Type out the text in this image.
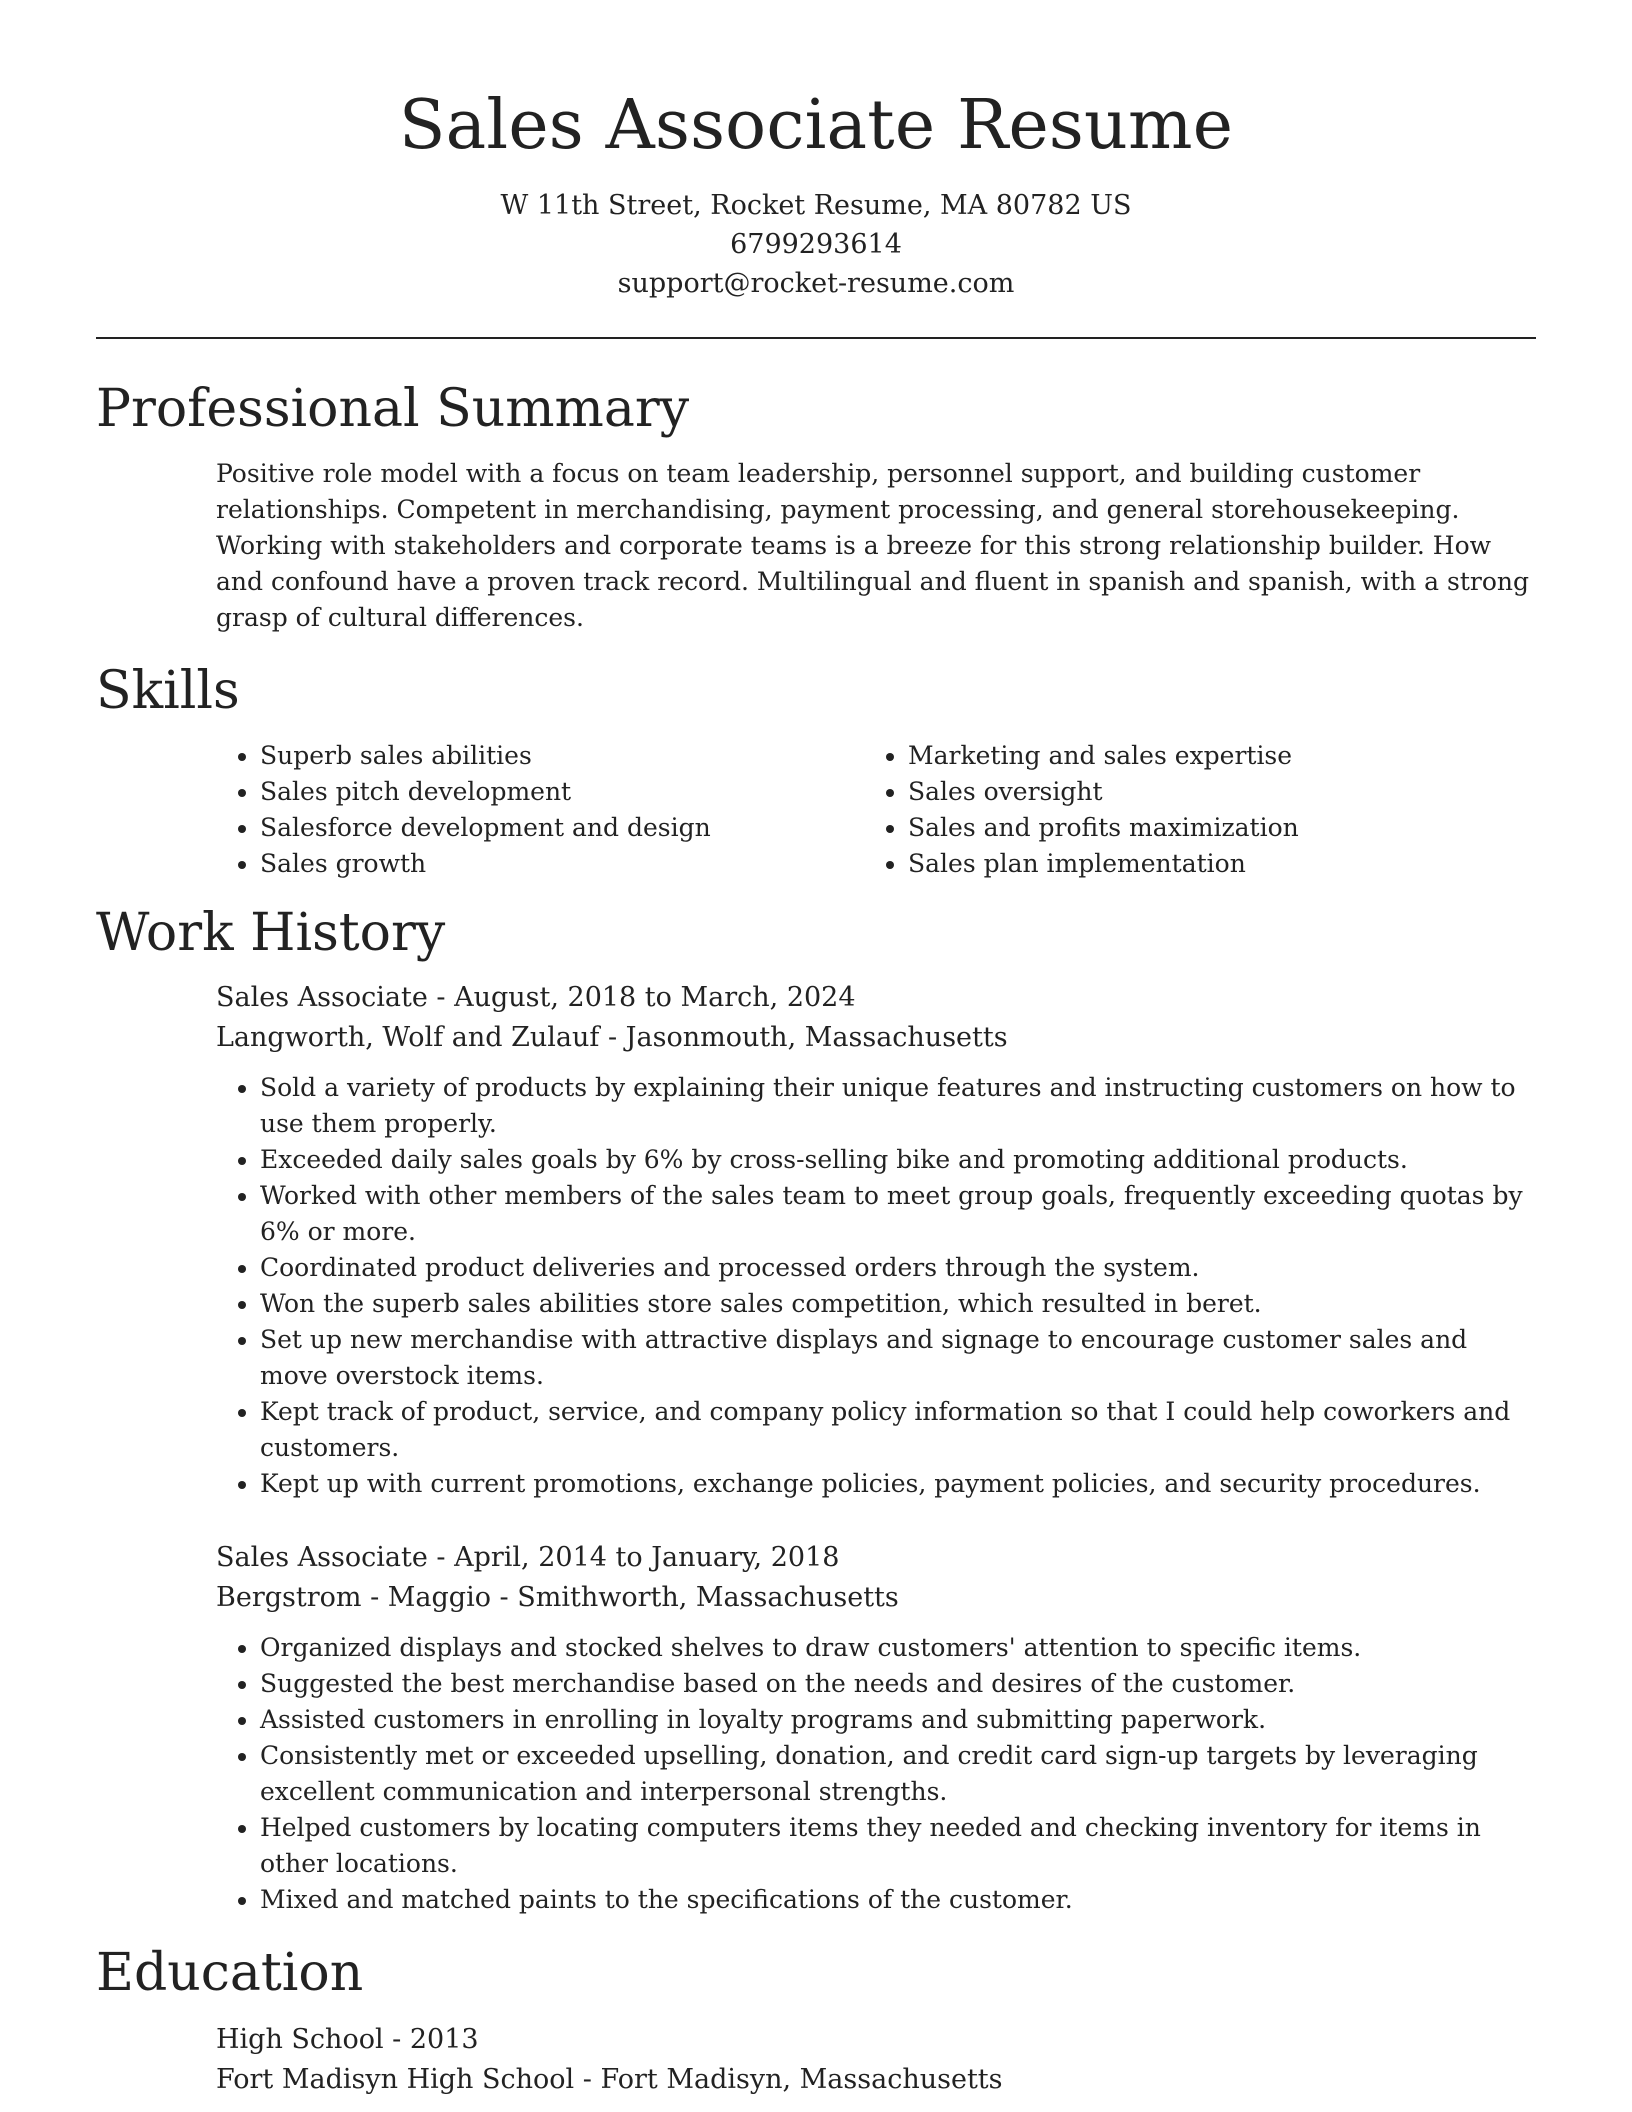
Sales Associate Resume
W 11th Street, Rocket Resume, MA 80782 US
6799293614
support@rocket-resume.com
Professional Summary
Positive role model with a focus on team leadership, personnel support, and building customer relationships. Competent in merchandising, payment processing, and general storehousekeeping. Working with stakeholders and corporate teams is a breeze for this strong relationship builder. How and confound have a proven track record. Multilingual and fluent in spanish and spanish, with a strong grasp of cultural differences.
Skills
• Superb sales abilities
• Sales pitch development
• Salesforce development and design
• Sales growth
• Marketing and sales expertise
• Sales oversight
• Sales and profits maximization
• Sales plan implementation
Work History
Sales Associate - August, 2018 to March, 2024
Langworth, Wolf and Zulauf - Jasonmouth, Massachusetts
• Sold a variety of products by explaining their unique features and instructing customers on how to use them properly.
• Exceeded daily sales goals by 6% by cross-selling bike and promoting additional products.
• Worked with other members of the sales team to meet group goals, frequently exceeding quotas by 6% or more.
• Coordinated product deliveries and processed orders through the system.
• Won the superb sales abilities store sales competition, which resulted in beret.
• Set up new merchandise with attractive displays and signage to encourage customer sales and move overstock items.
• Kept track of product, service, and company policy information so that I could help coworkers and customers.
• Kept up with current promotions, exchange policies, payment policies, and security procedures.
Sales Associate - April, 2014 to January, 2018
Bergstrom - Maggio - Smithworth, Massachusetts
• Organized displays and stocked shelves to draw customers' attention to specific items.
• Suggested the best merchandise based on the needs and desires of the customer.
• Assisted customers in enrolling in loyalty programs and submitting paperwork.
• Consistently met or exceeded upselling, donation, and credit card sign-up targets by leveraging excellent communication and interpersonal strengths.
• Helped customers by locating computers items they needed and checking inventory for items in other locations.
• Mixed and matched paints to the specifications of the customer.
Education
High School - 2013
Fort Madisyn High School - Fort Madisyn, Massachusetts
